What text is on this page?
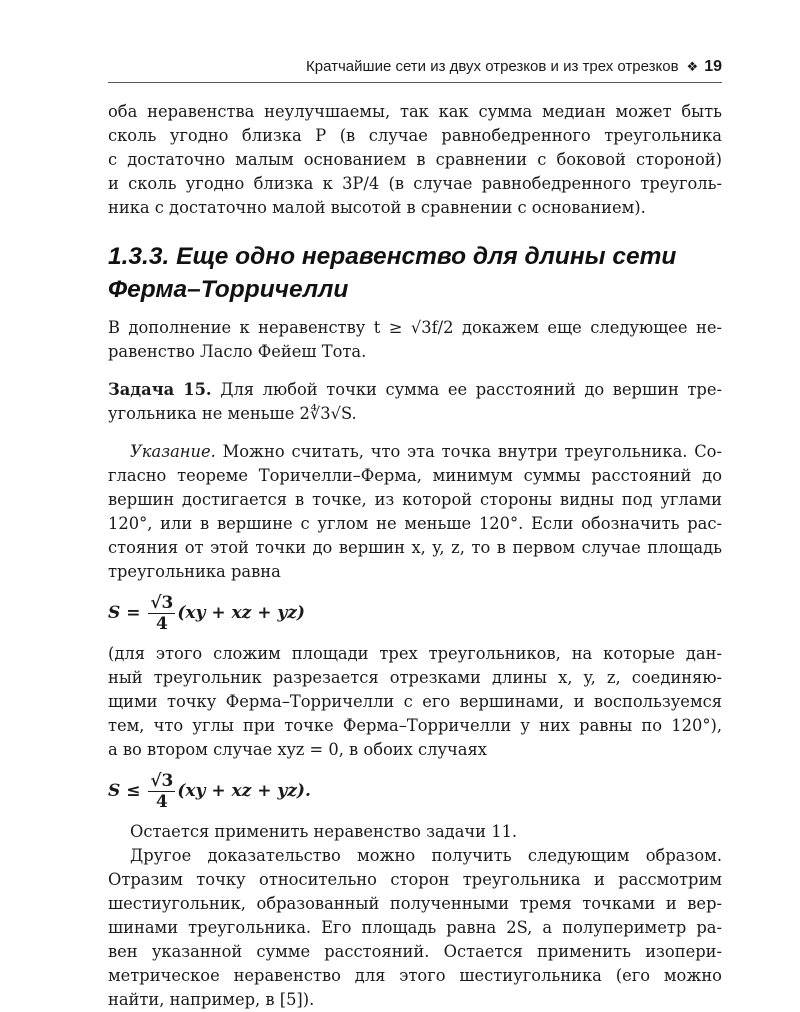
Кратчайшие сети из двух отрезков и из трех отрезков ❖ 19
оба неравенства неулучшаемы, так как сумма медиан может быть
сколь угодно близка P (в случае равнобедренного треугольника
с достаточно малым основанием в сравнении с боковой стороной)
и сколь угодно близка к 3P/4 (в случае равнобедренного треуголь-
ника с достаточно малой высотой в сравнении с основанием).
1.3.3. Еще одно неравенство для длины сети
Ферма–Торричелли
В дополнение к неравенству t ≥ √3f/2 докажем еще следующее не-
равенство Ласло Фейеш Тота.
Задача 15. Для любой точки сумма ее расстояний до вершин тре-
угольника не меньше 2∜3√S.
Указание. Можно считать, что эта точка внутри треугольника. Со-
гласно теореме Торичелли–Ферма, минимум суммы расстояний до
вершин достигается в точке, из которой стороны видны под углами
120°, или в вершине с углом не меньше 120°. Если обозначить рас-
стояния от этой точки до вершин x, y, z, то в первом случае площадь
треугольника равна
S =
$\frac{√3}{4} (xy$ + xz + yz)
(для этого сложим площади трех треугольников, на которые дан-
ный треугольник разрезается отрезками длины x, y, z, соединяю-
щими точку Ферма–Торричелли с его вершинами, и воспользуемся
тем, что углы при точке Ферма–Торричелли у них равны по 120°),
а во втором случае xyz = 0, в обоих случаях
S ≤
$\frac{√3}{4} (xy$ + xz + yz).
Остается применить неравенство задачи 11.
Другое доказательство можно получить следующим образом.
Отразим точку относительно сторон треугольника и рассмотрим
шестиугольник, образованный полученными тремя точками и вер-
шинами треугольника. Его площадь равна 2S, а полупериметр ра-
вен указанной сумме расстояний. Остается применить изопери-
метрическое неравенство для этого шестиугольника (его можно
найти, например, в [5]).
